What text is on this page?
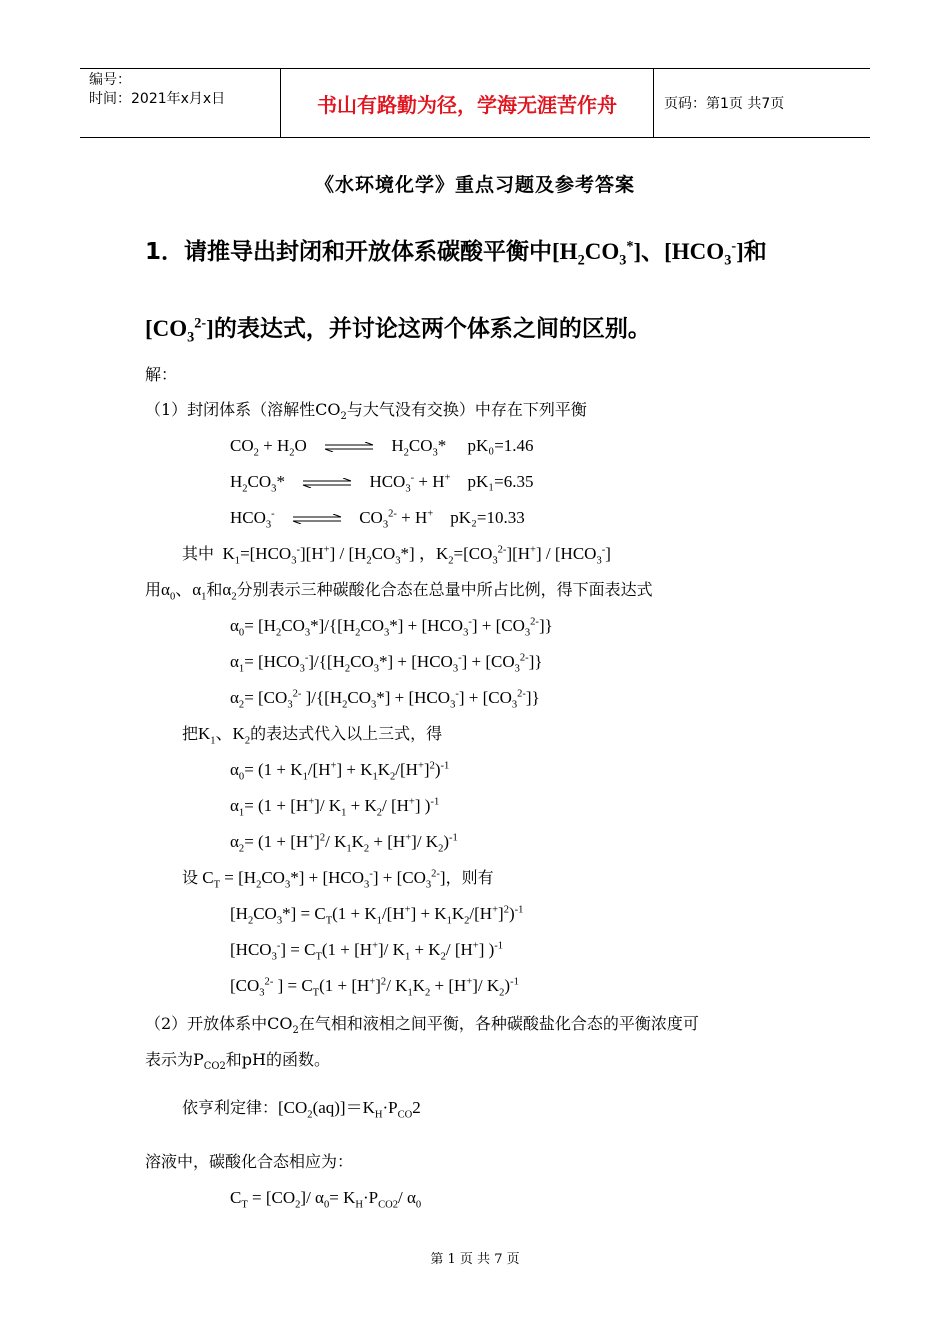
编号：
时间：2021年x月x日	书山有路勤为径，学海无涯苦作舟	页码：第1页 共7页
《水环境化学》重点习题及参考答案
1．请推导出封闭和开放体系碳酸平衡中$[H_2CO_3^*]$、$[HCO_3^-]$和
$[CO_3^{2-}]$的表达式，并讨论这两个体系之间的区别。
解：
（1）封闭体系（溶解性$CO_2$与大气没有交换）中存在下列平衡
$CO_2 + H_2O$ ⇌ $H_2CO_3*$     pK₀=1.46
$H_2CO_3*$ ⇌ $HCO_3^- + H^+$ pK₁=6.35
$HCO_3^-$ ⇌ $CO_3^{2-} + H^+$ pK₂=10.33
其中  $K_1=[HCO_3^-][H^+] / [H_2CO_3*]$ ，$K_2=[CO_3^{2-}][H^+] / [HCO_3^-]$
用$\alpha_0$、$\alpha_1$和$\alpha_2$分别表示三种碳酸化合态在总量中所占比例，得下面表达式
$\alpha_0= [H_2CO_3*]/\{[H_2CO_3*] + [HCO_3^-] + [CO_3^{2-}]\}$
$\alpha_1= [HCO_3^-]/\{[H_2CO_3*] + [HCO_3^-] + [CO_3^{2-}]\}$
$\alpha_2= [CO_3^{2-}$ ]$/\{[H_2CO_3*] + [HCO_3^-] + [CO_3^{2-}]\}$
把$K_1$、$K_2$的表达式代入以上三式，得
$\alpha_0= (1 + K_1/[H^+] + K_1K_2/[H^+]^2)^{-1}$
$\alpha_1= (1 + [H^+]/$ $K_1 + K_2/$ [H+] )$^{-1}$
$\alpha_2= (1 + [H^+]^2/$ $K_1K_2 + [H^+]/$ $K_2)^{-1}$
设 $C_T = [H_2CO_3*] + [HCO_3^-] + [CO_3^{2-}]$，则有
$[H_2CO_3*] = C_T(1 + K_1/[H^+] + K_1K_2/[H^+]^2)^{-1}$
$[HCO_3^-] = C_T(1 + [H^+]/$ $K_1 + K_2/$ [H+] )$^{-1}$
[$CO_3^{2-}$ ] = $C_T(1 + [H^+]^2/$ $K_1K_2 + [H^+]/$ $K_2)^{-1}$
（2）开放体系中$CO_2$在气相和液相之间平衡，各种碳酸盐化合态的平衡浓度可
表示为$P_{CO2}$和pH的函数。
依亨利定律：$[CO_2(aq)]=K_H\cdot P_{CO}2$
溶液中，碳酸化合态相应为：
$C_T = [CO_2]/$ $\alpha_0= K_H\cdot P_{CO2}/$ $\alpha_0$
第 1 页 共 7 页
